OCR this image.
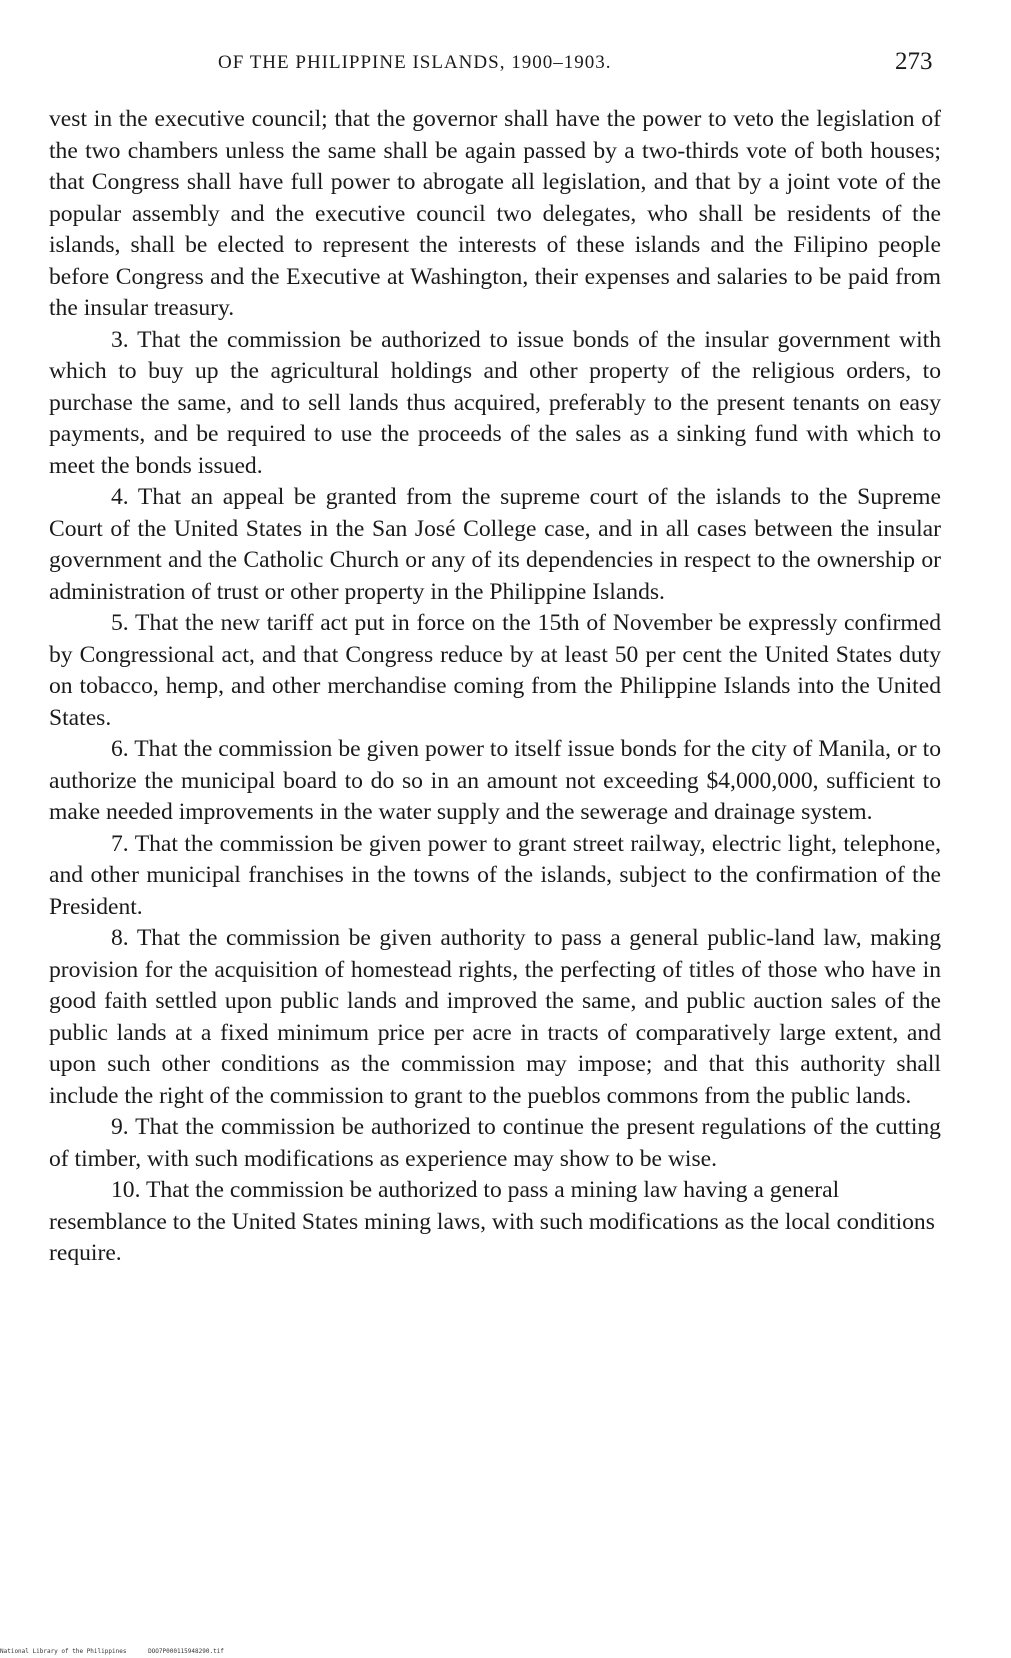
OF THE PHILIPPINE ISLANDS, 1900–1903.	273

vest in the executive council; that the governor shall have the power to veto the legislation of the two chambers unless the same shall be again passed by a two-thirds vote of both houses; that Congress shall have full power to abrogate all legislation, and that by a joint vote of the popular assembly and the executive council two delegates, who shall be residents of the islands, shall be elected to represent the interests of these islands and the Filipino people before Congress and the Executive at Washington, their expenses and salaries to be paid from the insular treasury.

3. That the commission be authorized to issue bonds of the insular government with which to buy up the agricultural holdings and other property of the religious orders, to purchase the same, and to sell lands thus acquired, preferably to the present tenants on easy payments, and be required to use the proceeds of the sales as a sinking fund with which to meet the bonds issued.

4. That an appeal be granted from the supreme court of the islands to the Supreme Court of the United States in the San José College case, and in all cases between the insular government and the Catholic Church or any of its dependencies in respect to the ownership or administration of trust or other property in the Philippine Islands.

5. That the new tariff act put in force on the 15th of November be expressly confirmed by Congressional act, and that Congress reduce by at least 50 per cent the United States duty on tobacco, hemp, and other merchandise coming from the Philippine Islands into the United States.

6. That the commission be given power to itself issue bonds for the city of Manila, or to authorize the municipal board to do so in an amount not exceeding $4,000,000, sufficient to make needed improvements in the water supply and the sewerage and drainage system.

7. That the commission be given power to grant street railway, electric light, telephone, and other municipal franchises in the towns of the islands, subject to the confirmation of the President.

8. That the commission be given authority to pass a general public-land law, making provision for the acquisition of homestead rights, the perfecting of titles of those who have in good faith settled upon public lands and improved the same, and public auction sales of the public lands at a fixed minimum price per acre in tracts of comparatively large extent, and upon such other conditions as the commission may impose; and that this authority shall include the right of the commission to grant to the pueblos commons from the public lands.

9. That the commission be authorized to continue the present regulations of the cutting of timber, with such modifications as experience may show to be wise.

10. That the commission be authorized to pass a mining law having a general resemblance to the United States mining laws, with such modifications as the local conditions require.

National Library of the Philippines	DOO7P000115948290.tif
